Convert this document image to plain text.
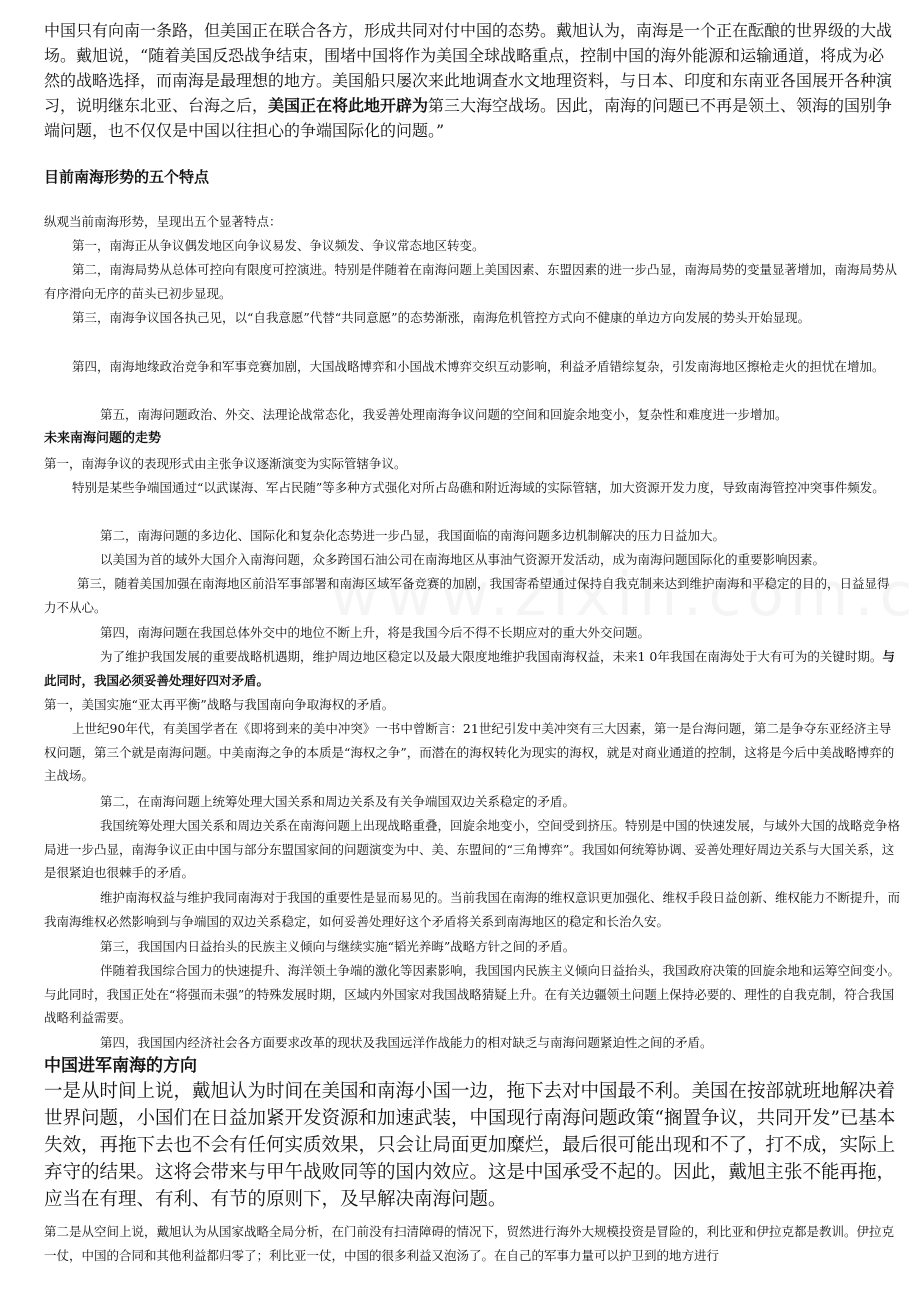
中国只有向南一条路，但美国正在联合各方，形成共同对付中国的态势。戴旭认为，南海是一个正在酝酿的世界级的大战场。戴旭说，“随着美国反恐战争结束，围堵中国将作为美国全球战略重点，控制中国的海外能源和运输通道，将成为必然的战略选择，而南海是最理想的地方。美国船只屡次来此地调查水文地理资料，与日本、印度和东南亚各国展开各种演习，说明继东北亚、台海之后，美国正在将此地开辟为第三大海空战场。因此，南海的问题已不再是领土、领海的国别争端问题，也不仅仅是中国以往担心的争端国际化的问题。”

目前南海形势的五个特点

纵观当前南海形势，呈现出五个显著特点：

第一，南海正从争议偶发地区向争议易发、争议频发、争议常态地区转变。

第二，南海局势从总体可控向有限度可控演进。特别是伴随着在南海问题上美国因素、东盟因素的进一步凸显，南海局势的变量显著增加，南海局势从有序滑向无序的苗头已初步显现。

第三，南海争议国各执己见，以“自我意愿”代替“共同意愿”的态势渐涨，南海危机管控方式向不健康的单边方向发展的势头开始显现。

第四，南海地缘政治竞争和军事竞赛加剧，大国战略博弈和小国战术博弈交织互动影响，利益矛盾错综复杂，引发南海地区擦枪走火的担忧在增加。

第五，南海问题政治、外交、法理论战常态化，我妥善处理南海争议问题的空间和回旋余地变小，复杂性和难度进一步增加。

未来南海问题的走势

第一，南海争议的表现形式由主张争议逐渐演变为实际管辖争议。

特别是某些争端国通过“以武谋海、军占民随”等多种方式强化对所占岛礁和附近海域的实际管辖，加大资源开发力度，导致南海管控冲突事件频发。

第二，南海问题的多边化、国际化和复杂化态势进一步凸显，我国面临的南海问题多边机制解决的压力日益加大。

以美国为首的域外大国介入南海问题，众多跨国石油公司在南海地区从事油气资源开发活动，成为南海问题国际化的重要影响因素。

第三，随着美国加强在南海地区前沿军事部署和南海区域军备竞赛的加剧，我国寄希望通过保持自我克制来达到维护南海和平稳定的目的，日益显得力不从心。

第四，南海问题在我国总体外交中的地位不断上升，将是我国今后不得不长期应对的重大外交问题。

为了维护我国发展的重要战略机遇期，维护周边地区稳定以及最大限度地维护我国南海权益，未来1 0年我国在南海处于大有可为的关键时期。与此同时，我国必须妥善处理好四对矛盾。

第一，美国实施“亚太再平衡”战略与我国南向争取海权的矛盾。

上世纪90年代，有美国学者在《即将到来的美中冲突》一书中曾断言：21世纪引发中美冲突有三大因素，第一是台海问题，第二是争夺东亚经济主导权问题，第三个就是南海问题。中美南海之争的本质是“海权之争”，而潜在的海权转化为现实的海权，就是对商业通道的控制，这将是今后中美战略博弈的主战场。

第二，在南海问题上统筹处理大国关系和周边关系及有关争端国双边关系稳定的矛盾。

我国统筹处理大国关系和周边关系在南海问题上出现战略重叠，回旋余地变小，空间受到挤压。特别是中国的快速发展，与域外大国的战略竞争格局进一步凸显，南海争议正由中国与部分东盟国家间的问题演变为中、美、东盟间的“三角博弈”。我国如何统筹协调、妥善处理好周边关系与大国关系，这是很紧迫也很棘手的矛盾。

维护南海权益与维护我同南海对于我国的重要性是显而易见的。当前我国在南海的维权意识更加强化、维权手段日益创新、维权能力不断提升，而我南海维权必然影响到与争端国的双边关系稳定，如何妥善处理好这个矛盾将关系到南海地区的稳定和长治久安。

第三，我国国内日益抬头的民族主义倾向与继续实施“韬光养晦”战略方针之间的矛盾。

伴随着我国综合国力的快速提升、海洋领土争端的激化等因素影响，我国国内民族主义倾向日益抬头，我国政府决策的回旋余地和运筹空间变小。与此同时，我国正处在“将强而未强”的特殊发展时期，区域内外国家对我国战略猜疑上升。在有关边疆领土问题上保持必要的、理性的自我克制，符合我国战略利益需要。

第四，我国国内经济社会各方面要求改革的现状及我国远洋作战能力的相对缺乏与南海问题紧迫性之间的矛盾。

中国进军南海的方向

一是从时间上说，戴旭认为时间在美国和南海小国一边，拖下去对中国最不利。美国在按部就班地解决着世界问题，小国们在日益加紧开发资源和加速武装，中国现行南海问题政策“搁置争议，共同开发”已基本失效，再拖下去也不会有任何实质效果，只会让局面更加糜烂，最后很可能出现和不了，打不成，实际上弃守的结果。这将会带来与甲午战败同等的国内效应。这是中国承受不起的。因此，戴旭主张不能再拖，应当在有理、有利、有节的原则下，及早解决南海问题。

第二是从空间上说，戴旭认为从国家战略全局分析，在门前没有扫清障碍的情况下，贸然进行海外大规模投资是冒险的，利比亚和伊拉克都是教训。伊拉克一仗，中国的合同和其他利益都归零了；利比亚一仗，中国的很多利益又泡汤了。在自己的军事力量可以护卫到的地方进行
